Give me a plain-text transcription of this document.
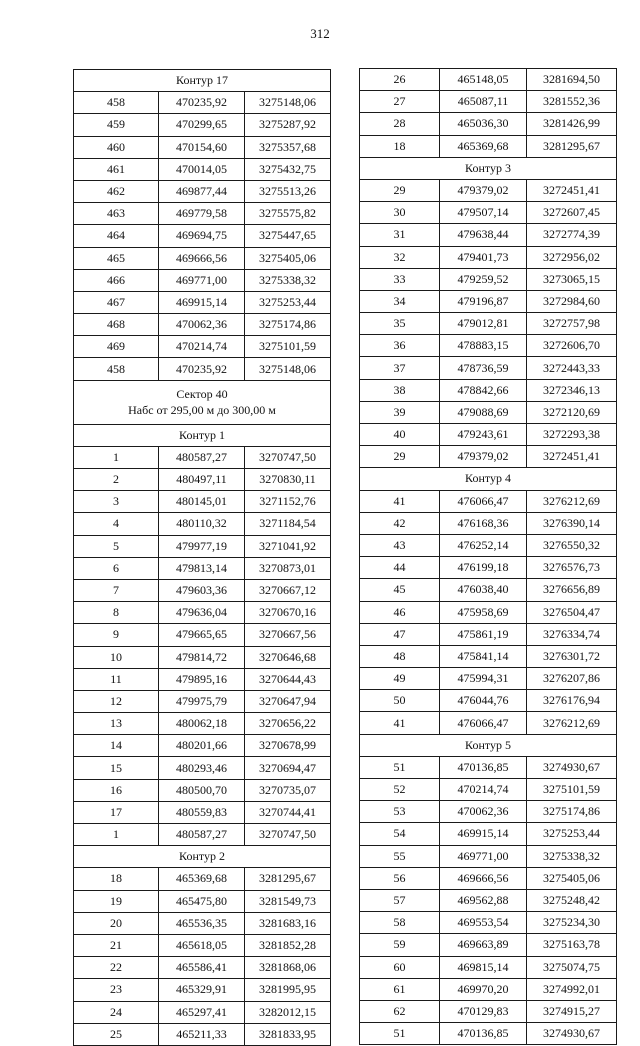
312
Контур 17		
458	470235,92	3275148,06
459	470299,65	3275287,92
460	470154,60	3275357,68
461	470014,05	3275432,75
462	469877,44	3275513,26
463	469779,58	3275575,82
464	469694,75	3275447,65
465	469666,56	3275405,06
466	469771,00	3275338,32
467	469915,14	3275253,44
468	470062,36	3275174,86
469	470214,74	3275101,59
458	470235,92	3275148,06

Сектор 40
Набс от 295,00 м до 300,00 м		

Контур 1		
1	480587,27	3270747,50
2	480497,11	3270830,11
3	480145,01	3271152,76
4	480110,32	3271184,54
5	479977,19	3271041,92
6	479813,14	3270873,01
7	479603,36	3270667,12
8	479636,04	3270670,16
9	479665,65	3270667,56
10	479814,72	3270646,68
11	479895,16	3270644,43
12	479975,79	3270647,94
13	480062,18	3270656,22
14	480201,66	3270678,99
15	480293,46	3270694,47
16	480500,70	3270735,07
17	480559,83	3270744,41
1	480587,27	3270747,50
Контур 2		
18	465369,68	3281295,67
19	465475,80	3281549,73
20	465536,35	3281683,16
21	465618,05	3281852,28
22	465586,41	3281868,06
23	465329,91	3281995,95
24	465297,41	3282012,15
25	465211,33	3281833,95
26	465148,05	3281694,50
27	465087,11	3281552,36
28	465036,30	3281426,99
18	465369,68	3281295,67
Контур 3		
29	479379,02	3272451,41
30	479507,14	3272607,45
31	479638,44	3272774,39
32	479401,73	3272956,02
33	479259,52	3273065,15
34	479196,87	3272984,60
35	479012,81	3272757,98
36	478883,15	3272606,70
37	478736,59	3272443,33
38	478842,66	3272346,13
39	479088,69	3272120,69
40	479243,61	3272293,38
29	479379,02	3272451,41
Контур 4		
41	476066,47	3276212,69
42	476168,36	3276390,14
43	476252,14	3276550,32
44	476199,18	3276576,73
45	476038,40	3276656,89
46	475958,69	3276504,47
47	475861,19	3276334,74
48	475841,14	3276301,72
49	475994,31	3276207,86
50	476044,76	3276176,94
41	476066,47	3276212,69
Контур 5		
51	470136,85	3274930,67
52	470214,74	3275101,59
53	470062,36	3275174,86
54	469915,14	3275253,44
55	469771,00	3275338,32
56	469666,56	3275405,06
57	469562,88	3275248,42
58	469553,54	3275234,30
59	469663,89	3275163,78
60	469815,14	3275074,75
61	469970,20	3274992,01
62	470129,83	3274915,27
51	470136,85	3274930,67
